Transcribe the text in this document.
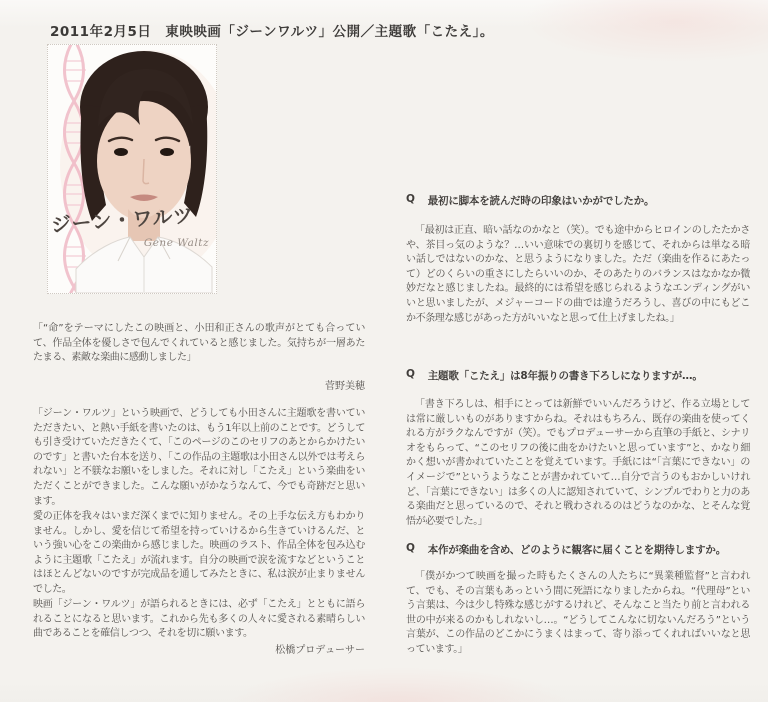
2011年2月5日　東映映画「ジーンワルツ」公開／主題歌「こたえ」。
ジーン・ワルツ
Gene Waltz

「“命”をテーマにしたこの映画と、小田和正さんの歌声がとても合っていて、作品全体を優しさで包んでくれていると感じました。気持ちが一層あたたまる、素敵な楽曲に感動しました」

菅野美穂

「ジーン・ワルツ」という映画で、どうしても小田さんに主題歌を書いていただきたい、と熱い手紙を書いたのは、もう1年以上前のことです。どうしても引き受けていただきたくて、「このページのこのセリフのあとからかけたいのです」と書いた台本を送り、「この作品の主題歌は小田さん以外では考えられない」と不躾なお願いをしました。それに対し「こたえ」という楽曲をいただくことができました。こんな願いがかなうなんて、今でも奇跡だと思います。

愛の正体を我々はいまだ深くまでに知りません。その上手な伝え方もわかりません。しかし、愛を信じて希望を持っていけるから生きていけるんだ、という強い心をこの楽曲から感じました。映画のラスト、作品全体を包み込むように主題歌「こたえ」が流れます。自分の映画で涙を流すなどということはほとんどないのですが完成品を通してみたときに、私は涙が止まりませんでした。

映画「ジーン・ワルツ」が語られるときには、必ず「こたえ」とともに語られることになると思います。これから先も多くの人々に愛される素晴らしい曲であることを確信しつつ、それを切に願います。

松橋プロデューサー
Q 最初に脚本を読んだ時の印象はいかがでしたか。

「最初は正直、暗い話なのかなと（笑）。でも途中からヒロインのしたたかさや、茶目っ気のような？…いい意味での裏切りを感じて、それからは単なる暗い話しではないのかな、と思うようになりました。ただ（楽曲を作るにあたって）どのくらいの重さにしたらいいのか、そのあたりのバランスはなかなか微妙だなと感じましたね。最終的には希望を感じられるようなエンディングがいいと思いましたが、メジャーコードの曲では違うだろうし、喜びの中にもどこか不条理な感じがあった方がいいなと思って仕上げましたね。」

Q 主題歌「こたえ」は8年振りの書き下ろしになりますが…。

「書き下ろしは、相手にとっては新鮮でいいんだろうけど、作る立場としては常に厳しいものがありますからね。それはもちろん、既存の楽曲を使ってくれる方がラクなんですが（笑）。でもプロデューサーから直筆の手紙と、シナリオをもらって、“このセリフの後に曲をかけたいと思っています”と、かなり細かく想いが書かれていたことを覚えています。手紙には“「言葉にできない」のイメージで”というようなことが書かれていて…自分で言うのもおかしいけれど、「言葉にできない」は多くの人に認知されていて、シンプルでわりと力のある楽曲だと思っているので、それと戦わされるのはどうなのかな、とそんな覚悟が必要でした。」

Q 本作が楽曲を含め、どのように観客に届くことを期待しますか。

「僕がかつて映画を撮った時もたくさんの人たちに“異業種監督”と言われて、でも、その言葉もあっという間に死語になりましたからね。“代理母”という言葉は、今は少し特殊な感じがするけれど、そんなこと当たり前と言われる世の中が来るのかもしれないし…。“どうしてこんなに切ないんだろう”という言葉が、この作品のどこかにうまくはまって、寄り添ってくれればいいなと思っています。」
